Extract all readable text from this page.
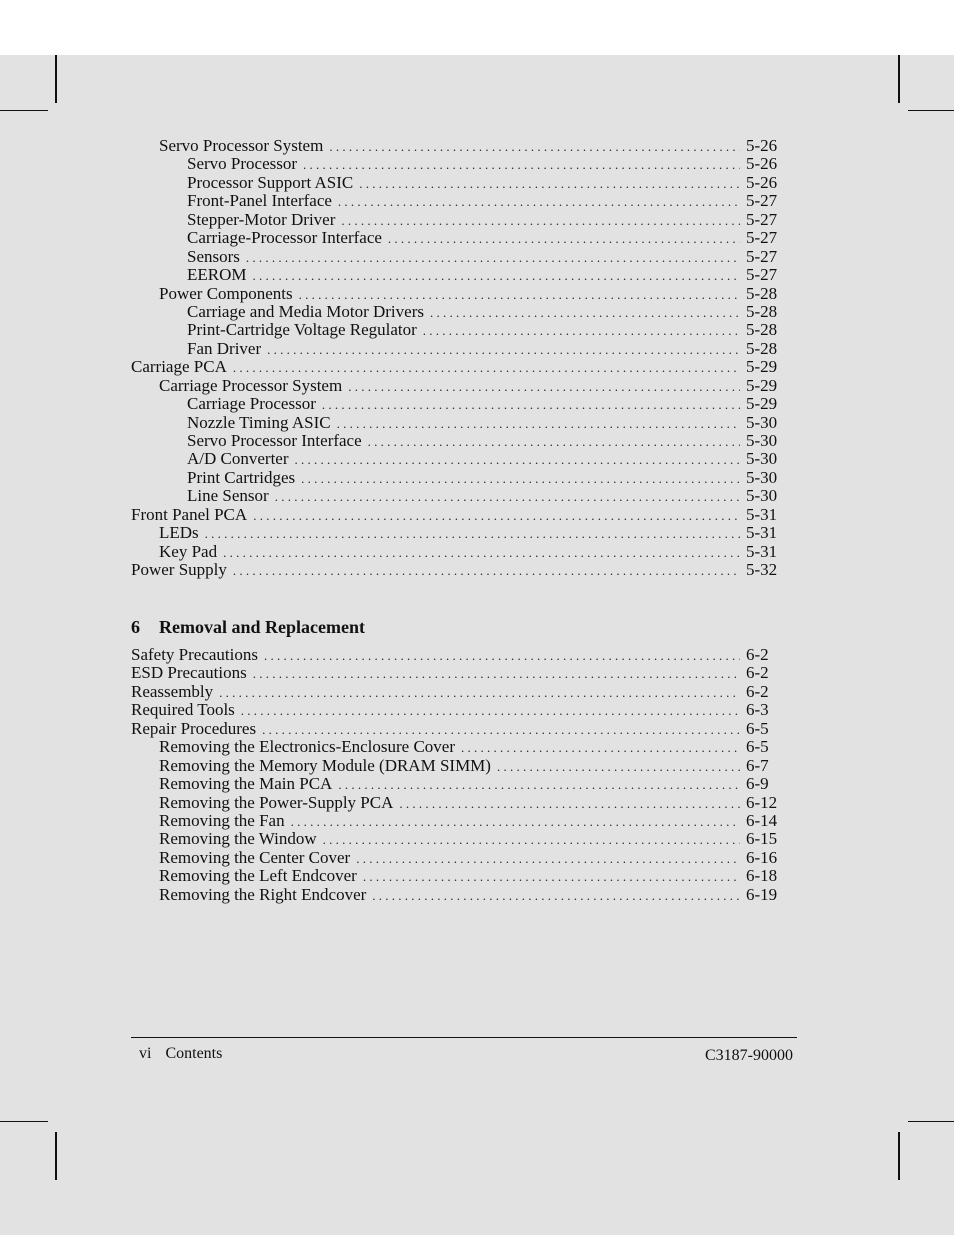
Servo Processor System . . .	5-26
Servo Processor . . .	5-26
Processor Support ASIC . . .	5-26
Front-Panel Interface . . .	5-27
Stepper-Motor Driver . . .	5-27
Carriage-Processor Interface . . .	5-27
Sensors . . .	5-27
EEROM . . .	5-27
Power Components . . .	5-28
Carriage and Media Motor Drivers . . .	5-28
Print-Cartridge Voltage Regulator . . .	5-28
Fan Driver . . .	5-28
Carriage PCA . . .	5-29
Carriage Processor System . . .	5-29
Carriage Processor . . .	5-29
Nozzle Timing ASIC . . .	5-30
Servo Processor Interface . . .	5-30
A/D Converter . . .	5-30
Print Cartridges . . .	5-30
Line Sensor . . .	5-30
Front Panel PCA . . .	5-31
LEDs . . .	5-31
Key Pad . . .	5-31
Power Supply . . .	5-32
6 Removal and Replacement
Safety Precautions . . .	6-2
ESD Precautions . . .	6-2
Reassembly . . .	6-2
Required Tools . . .	6-3
Repair Procedures . . .	6-5
Removing the Electronics-Enclosure Cover . . .	6-5
Removing the Memory Module (DRAM SIMM) . . .	6-7
Removing the Main PCA . . .	6-9
Removing the Power-Supply PCA . . .	6-12
Removing the Fan . . .	6-14
Removing the Window . . .	6-15
Removing the Center Cover . . .	6-16
Removing the Left Endcover . . .	6-18
Removing the Right Endcover . . .	6-19
vi Contents	C3187-90000
